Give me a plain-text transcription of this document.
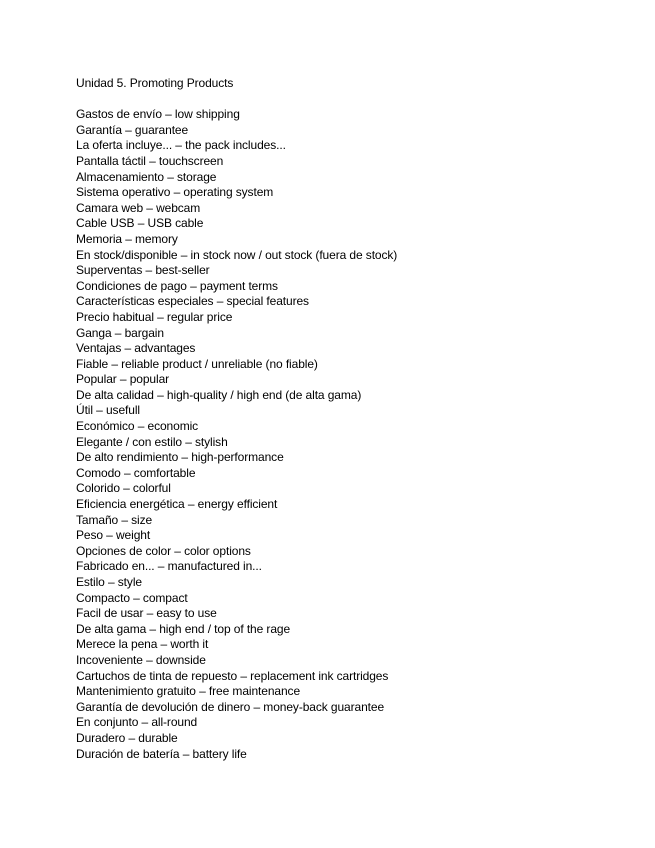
Unidad 5. Promoting Products
Gastos de envío – low shipping
Garantía – guarantee
La oferta incluye... – the pack includes...
Pantalla táctil – touchscreen
Almacenamiento – storage
Sistema operativo – operating system
Camara web – webcam
Cable USB – USB cable
Memoria – memory
En stock/disponible – in stock now / out stock (fuera de stock)
Superventas – best-seller
Condiciones de pago – payment terms
Características especiales – special features
Precio habitual – regular price
Ganga – bargain
Ventajas – advantages
Fiable – reliable product / unreliable (no fiable)
Popular – popular
De alta calidad – high-quality / high end (de alta gama)
Útil – usefull
Económico – economic
Elegante / con estilo – stylish
De alto rendimiento – high-performance
Comodo – comfortable
Colorido – colorful
Eficiencia energética – energy efficient
Tamaño – size
Peso – weight
Opciones de color – color options
Fabricado en... – manufactured in...
Estilo – style
Compacto – compact
Facil de usar – easy to use
De alta gama – high end / top of the rage
Merece la pena – worth it
Incoveniente – downside
Cartuchos de tinta de repuesto – replacement ink cartridges
Mantenimiento gratuito – free maintenance
Garantía de devolución de dinero – money-back guarantee
En conjunto – all-round
Duradero – durable
Duración de batería – battery life
